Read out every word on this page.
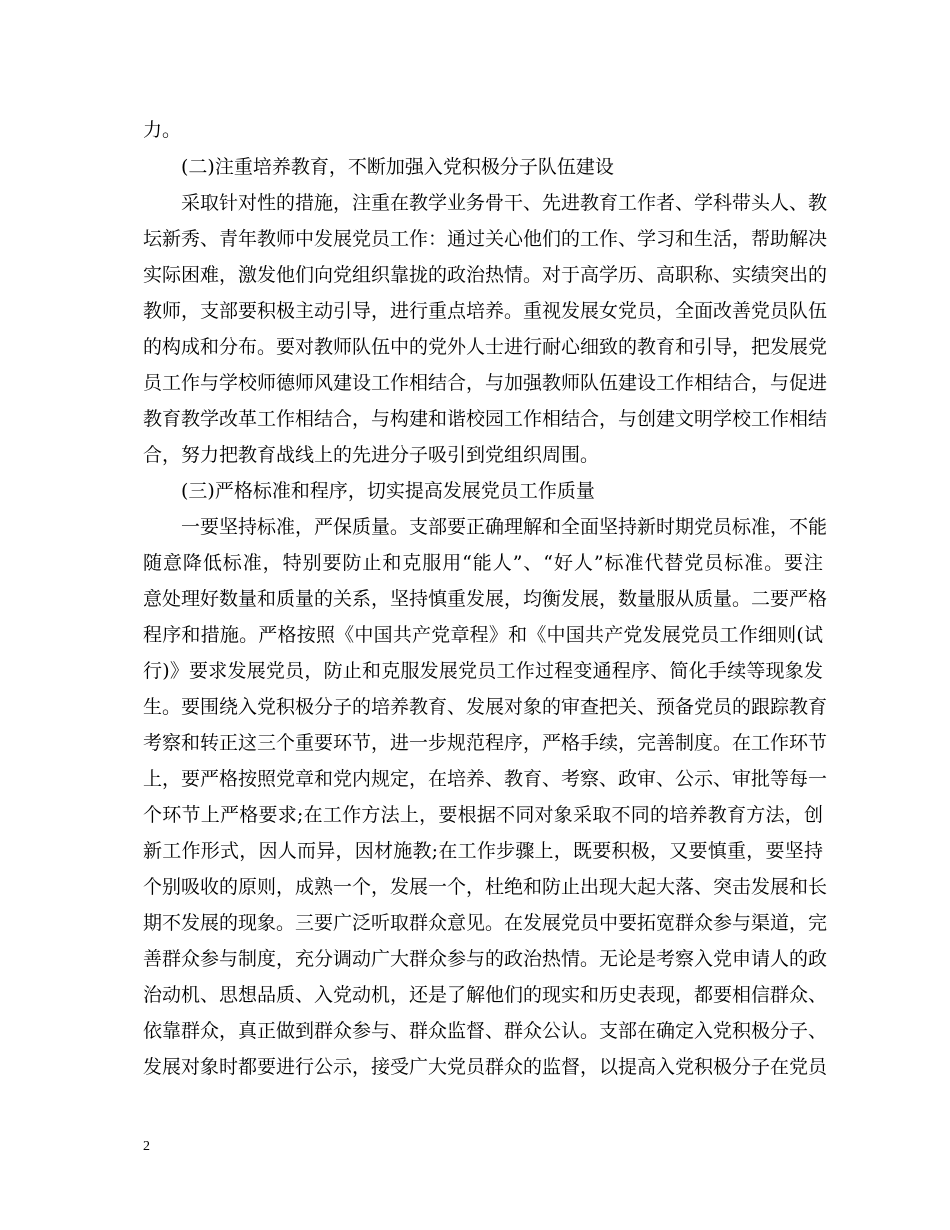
力。
(二)注重培养教育，不断加强入党积极分子队伍建设
采取针对性的措施，注重在教学业务骨干、先进教育工作者、学科带头人、教
坛新秀、青年教师中发展党员工作：通过关心他们的工作、学习和生活，帮助解决
实际困难，激发他们向党组织靠拢的政治热情。对于高学历、高职称、实绩突出的
教师，支部要积极主动引导，进行重点培养。重视发展女党员，全面改善党员队伍
的构成和分布。要对教师队伍中的党外人士进行耐心细致的教育和引导，把发展党
员工作与学校师德师风建设工作相结合，与加强教师队伍建设工作相结合，与促进
教育教学改革工作相结合，与构建和谐校园工作相结合，与创建文明学校工作相结
合，努力把教育战线上的先进分子吸引到党组织周围。
(三)严格标准和程序，切实提高发展党员工作质量
一要坚持标准，严保质量。支部要正确理解和全面坚持新时期党员标准，不能
随意降低标准，特别要防止和克服用“能人”、“好人”标准代替党员标准。要注
意处理好数量和质量的关系，坚持慎重发展，均衡发展，数量服从质量。二要严格
程序和措施。严格按照《中国共产党章程》和《中国共产党发展党员工作细则(试
行)》要求发展党员，防止和克服发展党员工作过程变通程序、简化手续等现象发
生。要围绕入党积极分子的培养教育、发展对象的审查把关、预备党员的跟踪教育
考察和转正这三个重要环节，进一步规范程序，严格手续，完善制度。在工作环节
上，要严格按照党章和党内规定，在培养、教育、考察、政审、公示、审批等每一
个环节上严格要求;在工作方法上，要根据不同对象采取不同的培养教育方法，创
新工作形式，因人而异，因材施教;在工作步骤上，既要积极，又要慎重，要坚持
个别吸收的原则，成熟一个，发展一个，杜绝和防止出现大起大落、突击发展和长
期不发展的现象。三要广泛听取群众意见。在发展党员中要拓宽群众参与渠道，完
善群众参与制度，充分调动广大群众参与的政治热情。无论是考察入党申请人的政
治动机、思想品质、入党动机，还是了解他们的现实和历史表现，都要相信群众、
依靠群众，真正做到群众参与、群众监督、群众公认。支部在确定入党积极分子、
发展对象时都要进行公示，接受广大党员群众的监督，以提高入党积极分子在党员
2
